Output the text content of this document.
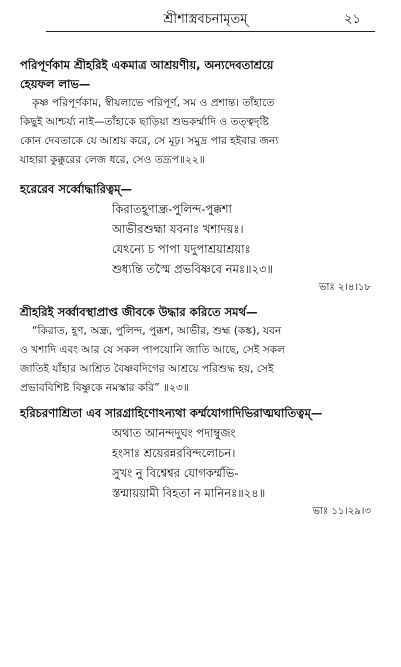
শ্রীশাস্ত্রবচনামৃতম্	২১

পরিপূর্ণকাম শ্রীহরিই একমাত্র আশ্রয়ণীয়, অন্যদেবতাশ্রয়ে

হেয়ফল লাভ—

কৃষ্ণ পরিপূর্ণকাম, স্বীয়লাভে পরিপূর্ণ, সম ও প্রশান্ত। তাঁহাতে

কিছুই আশ্চর্য্য নাই—তাঁহাকে ছাড়িয়া শুভকর্ম্মাদি ও তত্ত্বদৃষ্টি

কোন দেবতাকে যে আশ্রয় করে, সে মূঢ়। সমুদ্র পার হইবার জন্য

যাহারা কুক্কুরের লেজ ধরে, সেও তদ্রূপ॥২২॥

হরেরেব সর্ব্বোদ্ধারিত্বম্—

কিরাতহূণান্ধ্র-পুলিন্দ-পুক্কশা

আভীরশুহ্মা যবনাঃ খশাদয়ঃ।

যেঽন্যে চ পাপা যদুপাশ্রয়াশ্রয়াঃ

শুধ্যন্তি তস্মৈ প্রভবিষ্ণবে নমঃ॥২৩॥

ভাঃ ২।৪।১৮

শ্রীহরিই সর্ব্বাবস্থাপ্রাপ্ত জীবকে উদ্ধার করিতে সমর্থ—

“কিরাত, হূণ, অন্ধ্র, পুলিন্দ, পুক্কশ, আভীর, শুহ্ম (কঙ্ক), যবন

ও খশাদি এবং আর যে সকল পাপযোনি জাতি আছে, সেই সকল

জাতিই যাঁহার আশ্রিত বৈষ্ণবদিগের আশ্রয়ে পরিশুদ্ধ হয়, সেই

প্রভাববিশিষ্ট বিষ্ণুকে নমস্কার করি” ॥২৩॥

হরিচরণাশ্রিতা এব সারগ্রাহিণোঽন্যথা কর্ম্মযোগাদিভিরাত্মঘাতিত্বম্—

অথাত আনন্দদুঘং পদাম্বুজং

হংসাঃ শ্রয়েরন্নরবিন্দলোচন।

সুখং নু বিশ্বেশ্বর যোগকর্ম্মভি-

স্তন্মায়য়ামী বিহতা ন মানিনঃ॥২৪॥

ভাঃ ১১।২৯।৩
